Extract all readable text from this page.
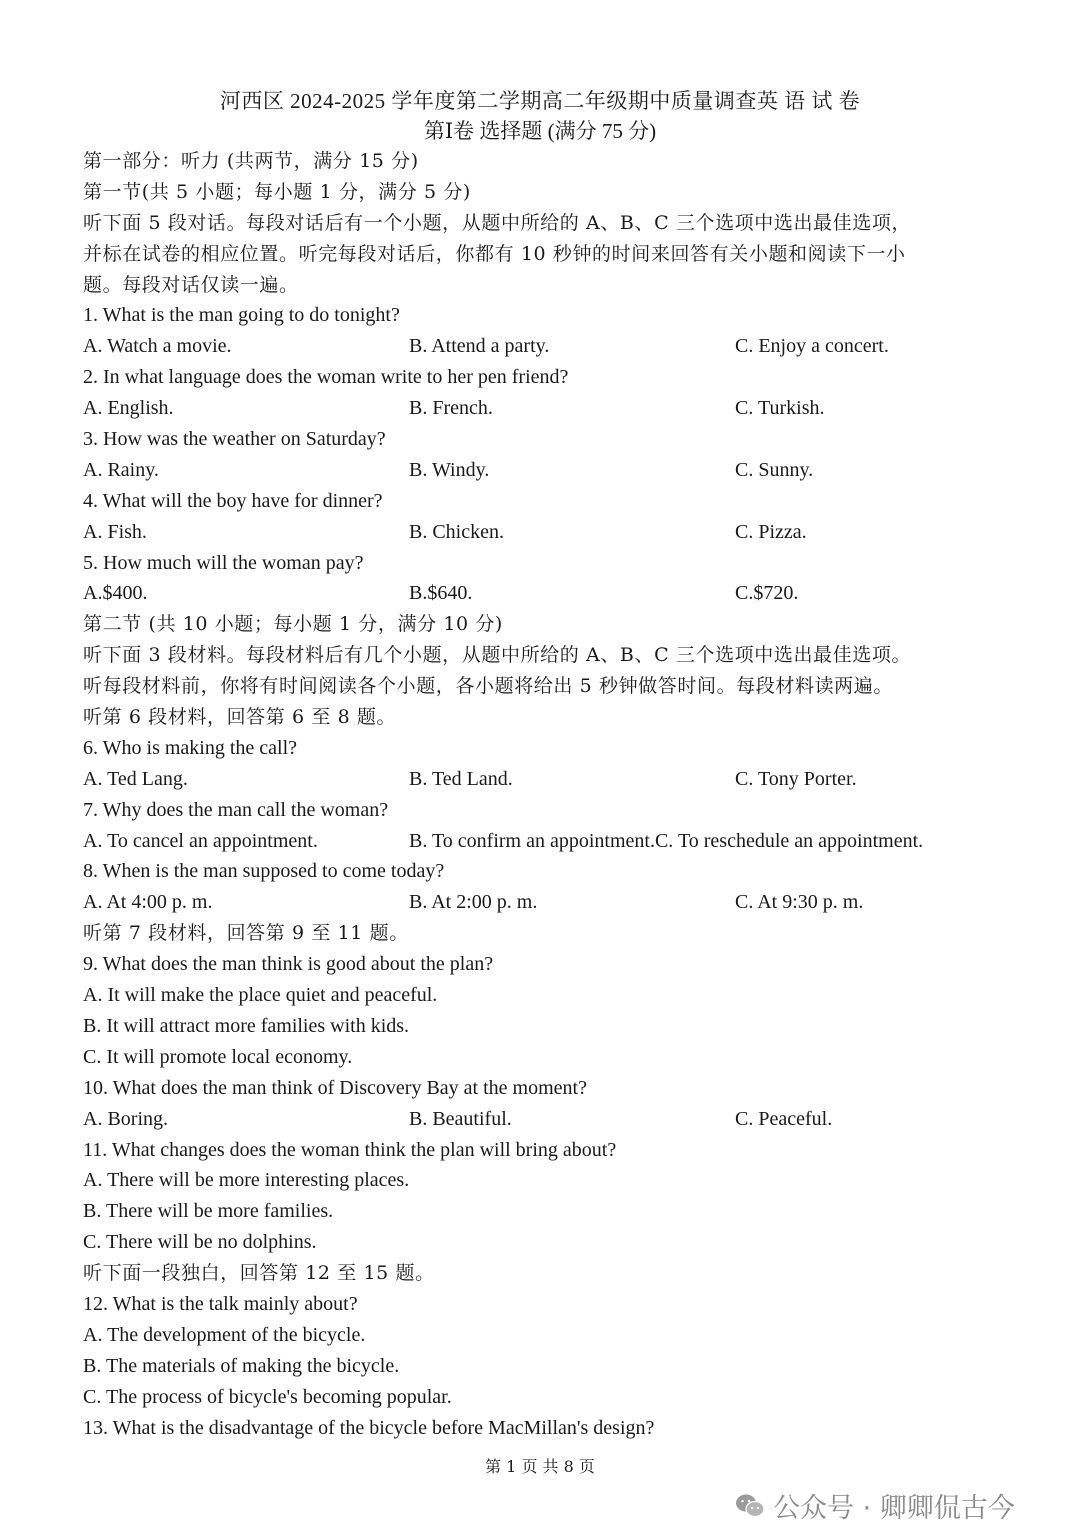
河西区 2024-2025 学年度第二学期高二年级期中质量调查英 语 试 卷
第Ⅰ卷 选择题 (满分 75 分)
第一部分：听力 (共两节，满分 15 分)
第一节(共 5 小题；每小题 1 分，满分 5 分)
听下面 5 段对话。每段对话后有一个小题，从题中所给的 A、B、C 三个选项中选出最佳选项，
并标在试卷的相应位置。听完每段对话后，你都有 10 秒钟的时间来回答有关小题和阅读下一小
题。每段对话仅读一遍。
1. What is the man going to do tonight?
A. Watch a movie.	B. Attend a party.	C. Enjoy a concert.
2. In what language does the woman write to her pen friend?
A. English.	B. French.	C. Turkish.
3. How was the weather on Saturday?
A. Rainy.	B. Windy.	C. Sunny.
4. What will the boy have for dinner?
A. Fish.	B. Chicken.	C. Pizza.
5. How much will the woman pay?
A.$400.	B.$640.	C.$720.
第二节 (共 10 小题；每小题 1 分，满分 10 分)
听下面 3 段材料。每段材料后有几个小题，从题中所给的 A、B、C 三个选项中选出最佳选项。
听每段材料前，你将有时间阅读各个小题，各小题将给出 5 秒钟做答时间。每段材料读两遍。
听第 6 段材料，回答第 6 至 8 题。
6. Who is making the call?
A. Ted Lang.	B. Ted Land.	C. Tony Porter.
7. Why does the man call the woman?
A. To cancel an appointment.	B. To confirm an appointment.C. To reschedule an appointment.
8. When is the man supposed to come today?
A. At 4:00 p. m.	B. At 2:00 p. m.	C. At 9:30 p. m.
听第 7 段材料，回答第 9 至 11 题。
9. What does the man think is good about the plan?
A. It will make the place quiet and peaceful.
B. It will attract more families with kids.
C. It will promote local economy.
10. What does the man think of Discovery Bay at the moment?
A. Boring.	B. Beautiful.	C. Peaceful.
11. What changes does the woman think the plan will bring about?
A. There will be more interesting places.
B. There will be more families.
C. There will be no dolphins.
听下面一段独白，回答第 12 至 15 题。
12. What is the talk mainly about?
A. The development of the bicycle.
B. The materials of making the bicycle.
C. The process of bicycle's becoming popular.
13. What is the disadvantage of the bicycle before MacMillan's design?
第 1 页 共 8 页
公众号 · 卿卿侃古今
